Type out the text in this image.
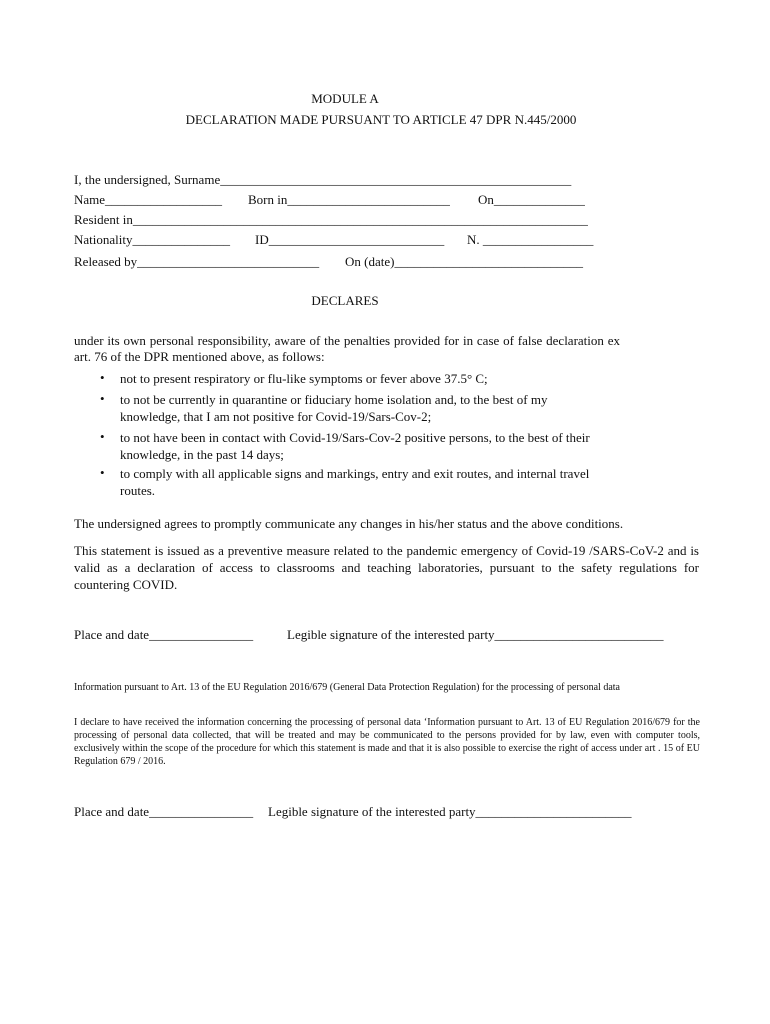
MODULE A
DECLARATION MADE PURSUANT TO ARTICLE 47 DPR N.445/2000
I, the undersigned, Surname______________________________________________________
Name__________________ Born in_________________________ On______________
Resident in______________________________________________________________________
Nationality_______________ ID___________________________ N. _________________
Released by____________________________ On (date)_____________________________
DECLARES
under its own personal responsibility, aware of the penalties provided for in case of false declaration ex art. 76 of the DPR mentioned above, as follows:
• not to present respiratory or flu-like symptoms or fever above 37.5° C;
• to not be currently in quarantine or fiduciary home isolation and, to the best of my knowledge, that I am not positive for Covid-19/Sars-Cov-2;
• to not have been in contact with Covid-19/Sars-Cov-2 positive persons, to the best of their knowledge, in the past 14 days;
• to comply with all applicable signs and markings, entry and exit routes, and internal travel routes.
The undersigned agrees to promptly communicate any changes in his/her status and the above conditions.
This statement is issued as a preventive measure related to the pandemic emergency of Covid-19 /SARS-CoV-2 and is valid as a declaration of access to classrooms and teaching laboratories, pursuant to the safety regulations for countering COVID.
Place and date________________	Legible signature of the interested party__________________________
Information pursuant to Art. 13 of the EU Regulation 2016/679 (General Data Protection Regulation) for the processing of personal data
I declare to have received the information concerning the processing of personal data ‘Information pursuant to Art. 13 of EU Regulation 2016/679 for the processing of personal data collected, that will be treated and may be communicated to the persons provided for by law, even with computer tools, exclusively within the scope of the procedure for which this statement is made and that it is also possible to exercise the right of access under art . 15 of EU Regulation 679 / 2016.
Place and date________________ Legible signature of the interested party________________________
